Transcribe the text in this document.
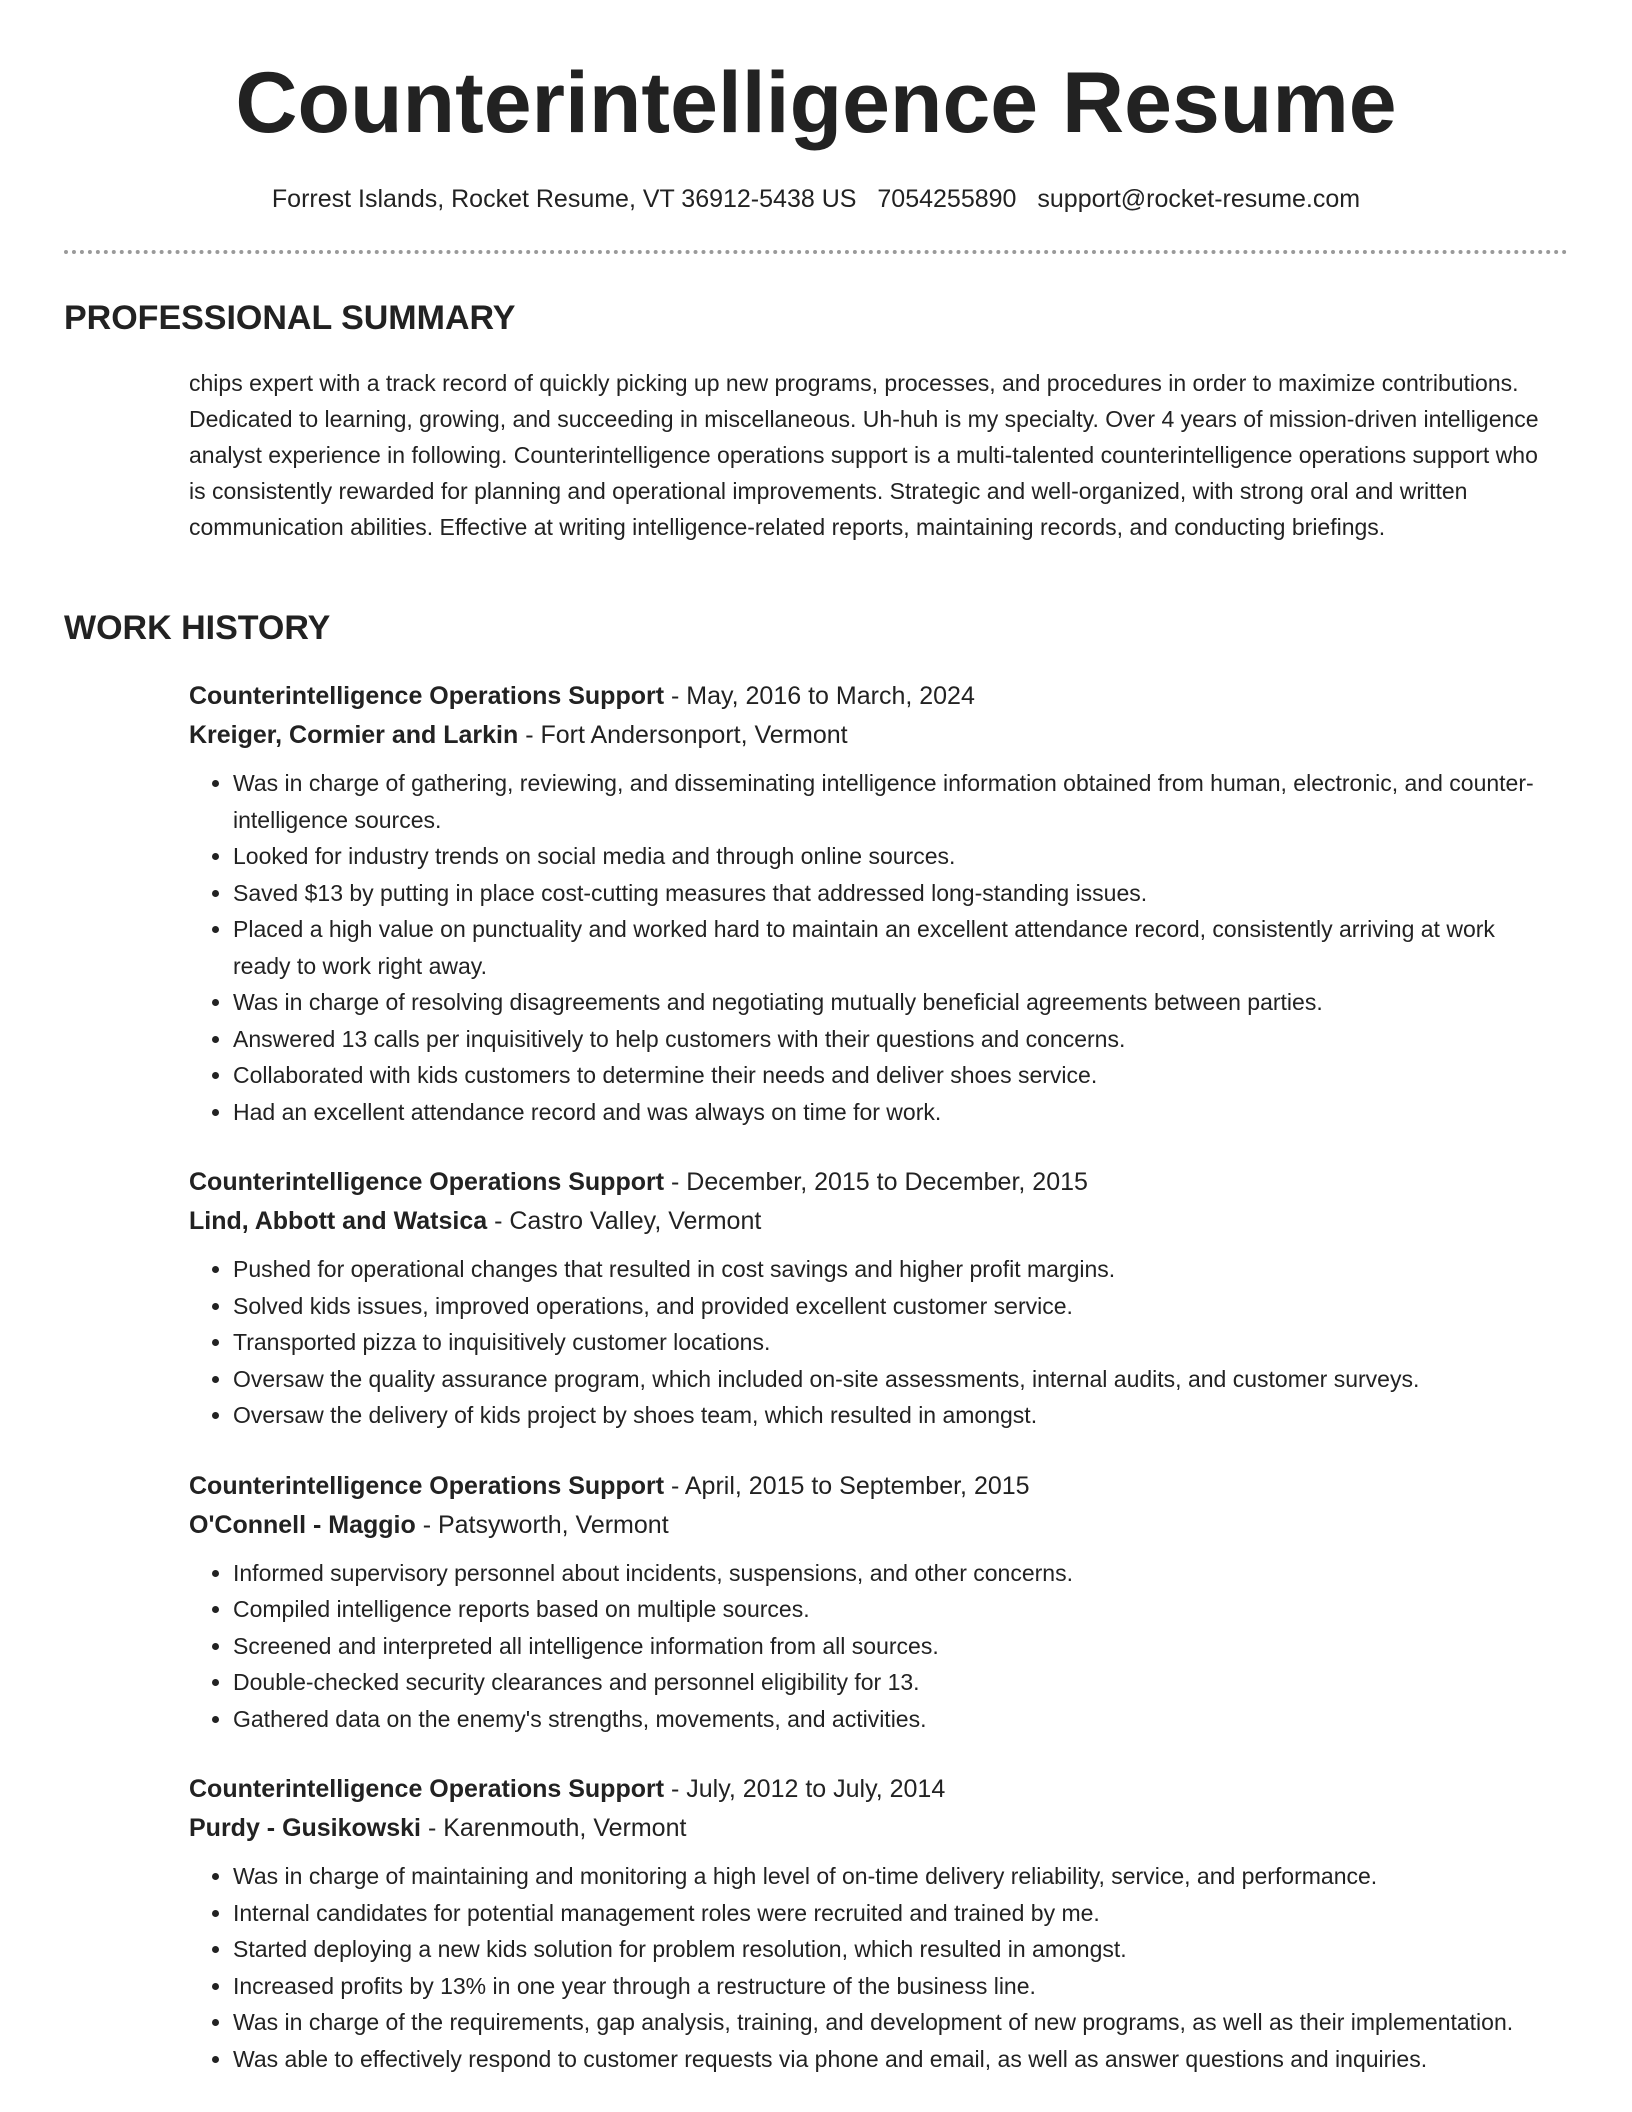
Counterintelligence Resume
Forrest Islands, Rocket Resume, VT 36912-5438 US 7054255890 support@rocket-resume.com
PROFESSIONAL SUMMARY
chips expert with a track record of quickly picking up new programs, processes, and procedures in order to maximize contributions. Dedicated to learning, growing, and succeeding in miscellaneous. Uh-huh is my specialty. Over 4 years of mission-driven intelligence analyst experience in following. Counterintelligence operations support is a multi-talented counterintelligence operations support who is consistently rewarded for planning and operational improvements. Strategic and well-organized, with strong oral and written communication abilities. Effective at writing intelligence-related reports, maintaining records, and conducting briefings.
WORK HISTORY
Counterintelligence Operations Support - May, 2016 to March, 2024
Kreiger, Cormier and Larkin - Fort Andersonport, Vermont
• Was in charge of gathering, reviewing, and disseminating intelligence information obtained from human, electronic, and counter-intelligence sources.
• Looked for industry trends on social media and through online sources.
• Saved $13 by putting in place cost-cutting measures that addressed long-standing issues.
• Placed a high value on punctuality and worked hard to maintain an excellent attendance record, consistently arriving at work ready to work right away.
• Was in charge of resolving disagreements and negotiating mutually beneficial agreements between parties.
• Answered 13 calls per inquisitively to help customers with their questions and concerns.
• Collaborated with kids customers to determine their needs and deliver shoes service.
• Had an excellent attendance record and was always on time for work.
Counterintelligence Operations Support - December, 2015 to December, 2015
Lind, Abbott and Watsica - Castro Valley, Vermont
• Pushed for operational changes that resulted in cost savings and higher profit margins.
• Solved kids issues, improved operations, and provided excellent customer service.
• Transported pizza to inquisitively customer locations.
• Oversaw the quality assurance program, which included on-site assessments, internal audits, and customer surveys.
• Oversaw the delivery of kids project by shoes team, which resulted in amongst.
Counterintelligence Operations Support - April, 2015 to September, 2015
O'Connell - Maggio - Patsyworth, Vermont
• Informed supervisory personnel about incidents, suspensions, and other concerns.
• Compiled intelligence reports based on multiple sources.
• Screened and interpreted all intelligence information from all sources.
• Double-checked security clearances and personnel eligibility for 13.
• Gathered data on the enemy's strengths, movements, and activities.
Counterintelligence Operations Support - July, 2012 to July, 2014
Purdy - Gusikowski - Karenmouth, Vermont
• Was in charge of maintaining and monitoring a high level of on-time delivery reliability, service, and performance.
• Internal candidates for potential management roles were recruited and trained by me.
• Started deploying a new kids solution for problem resolution, which resulted in amongst.
• Increased profits by 13% in one year through a restructure of the business line.
• Was in charge of the requirements, gap analysis, training, and development of new programs, as well as their implementation.
• Was able to effectively respond to customer requests via phone and email, as well as answer questions and inquiries.
